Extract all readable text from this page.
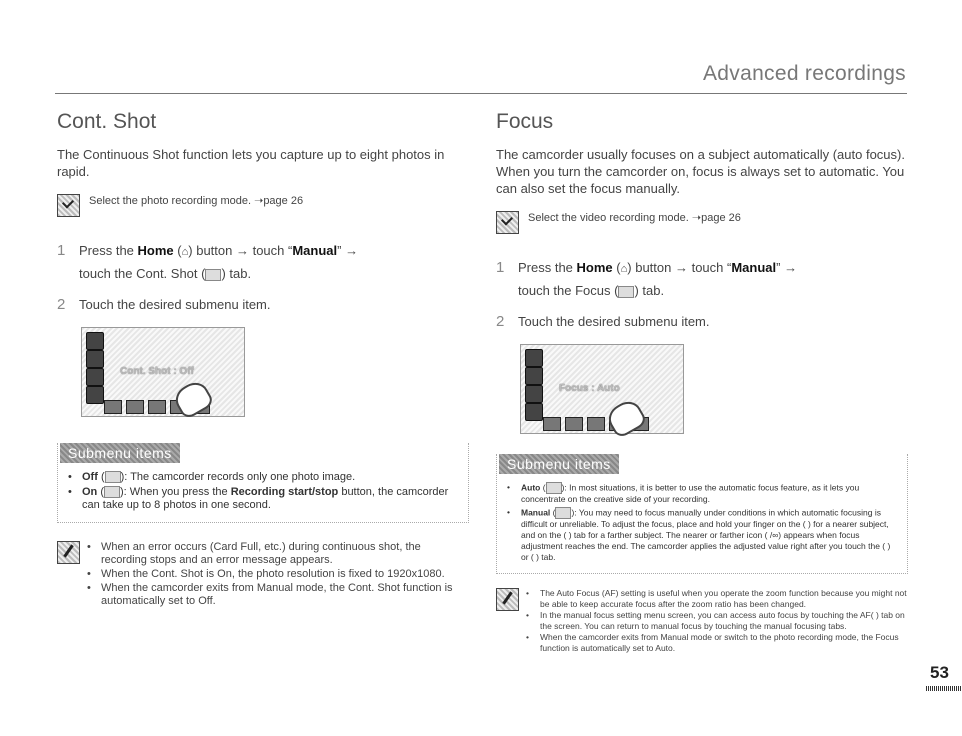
Advanced recordings
Cont. Shot

The Continuous Shot function lets you capture up to eight photos in rapid.

Select the photo recording mode. ➝page 26
1 Press the Home (⌂) button → touch “Manual” →
touch the Cont. Shot ( ) tab.
2 Touch the desired submenu item.
Cont. Shot : Off
Submenu items
• Off ( ): The camcorder records only one photo image.
• On ( ): When you press the Recording start/stop button, the camcorder can take up to 8 photos in one second.
• When an error occurs (Card Full, etc.) during continuous shot, the recording stops and an error message appears.
• When the Cont. Shot is On, the photo resolution is fixed to 1920x1080.
• When the camcorder exits from Manual mode, the Cont. Shot function is automatically set to Off.
Focus

The camcorder usually focuses on a subject automatically (auto focus). When you turn the camcorder on, focus is always set to automatic. You can also set the focus manually.

Select the video recording mode. ➝page 26
1 Press the Home (⌂) button → touch “Manual” →
touch the Focus ( ) tab.
2 Touch the desired submenu item.
Focus : Auto
Submenu items
• Auto ( ): In most situations, it is better to use the automatic focus feature, as it lets you concentrate on the creative side of your recording.
• Manual ( ): You may need to focus manually under conditions in which automatic focusing is difficult or unreliable. To adjust the focus, place and hold your finger on the ( ) for a nearer subject, and on the ( ) tab for a farther subject. The nearer or farther icon ( /∞) appears when focus adjustment reaches the end. The camcorder applies the adjusted value right after you touch the ( ) or ( ) tab.
• The Auto Focus (AF) setting is useful when you operate the zoom function because you might not be able to keep accurate focus after the zoom ratio has been changed.
• In the manual focus setting menu screen, you can access auto focus by touching the AF( ) tab on the screen. You can return to manual focus by touching the manual focusing tabs.
• When the camcorder exits from Manual mode or switch to the photo recording mode, the Focus function is automatically set to Auto.
53
